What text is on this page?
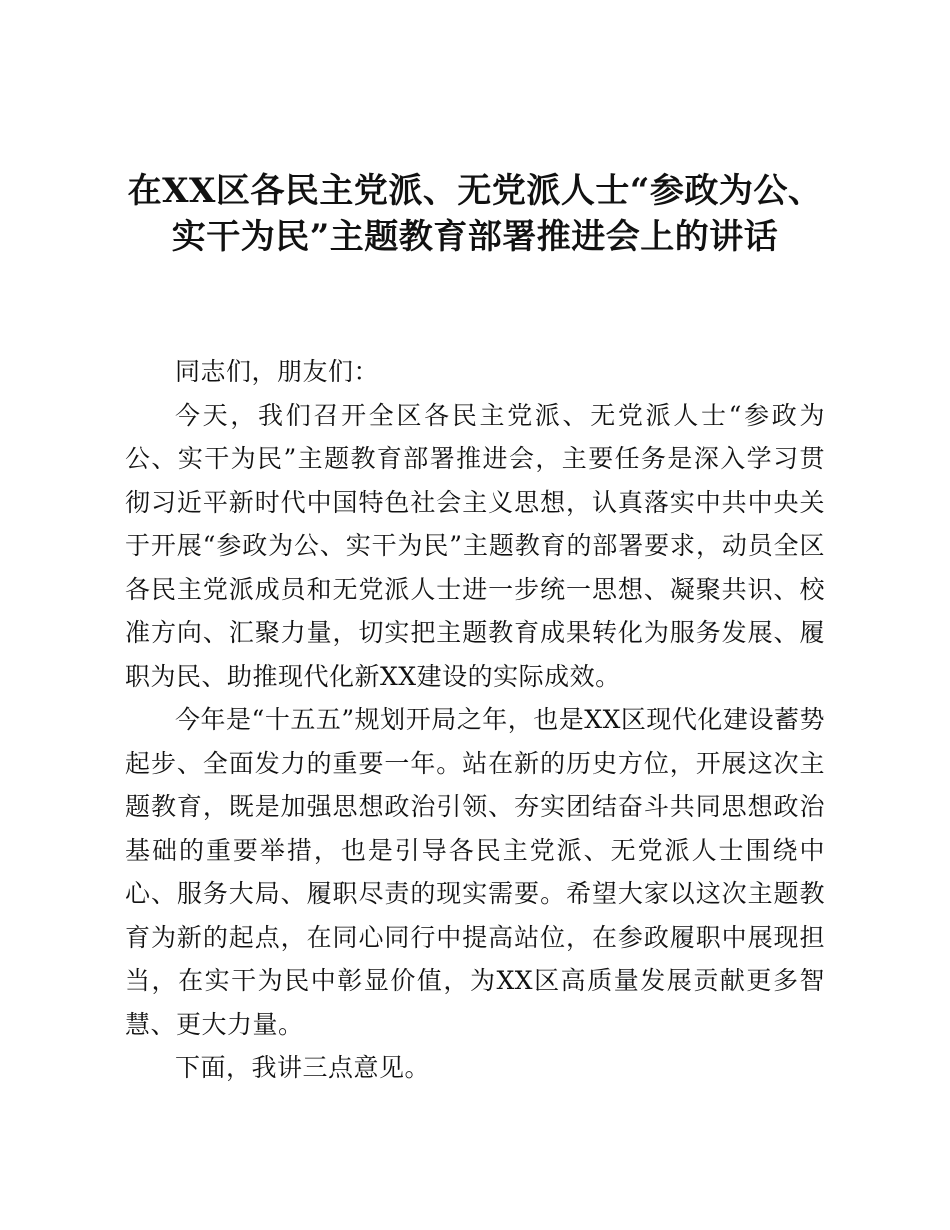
在XX区各民主党派、无党派人士“参政为公、
实干为民”主题教育部署推进会上的讲话

同志们，朋友们：

今天，我们召开全区各民主党派、无党派人士“参政为公、实干为民”主题教育部署推进会，主要任务是深入学习贯彻习近平新时代中国特色社会主义思想，认真落实中共中央关于开展“参政为公、实干为民”主题教育的部署要求，动员全区各民主党派成员和无党派人士进一步统一思想、凝聚共识、校准方向、汇聚力量，切实把主题教育成果转化为服务发展、履职为民、助推现代化新XX建设的实际成效。

今年是“十五五”规划开局之年，也是XX区现代化建设蓄势起步、全面发力的重要一年。站在新的历史方位，开展这次主题教育，既是加强思想政治引领、夯实团结奋斗共同思想政治基础的重要举措，也是引导各民主党派、无党派人士围绕中心、服务大局、履职尽责的现实需要。希望大家以这次主题教育为新的起点，在同心同行中提高站位，在参政履职中展现担当，在实干为民中彰显价值，为XX区高质量发展贡献更多智慧、更大力量。

下面，我讲三点意见。
